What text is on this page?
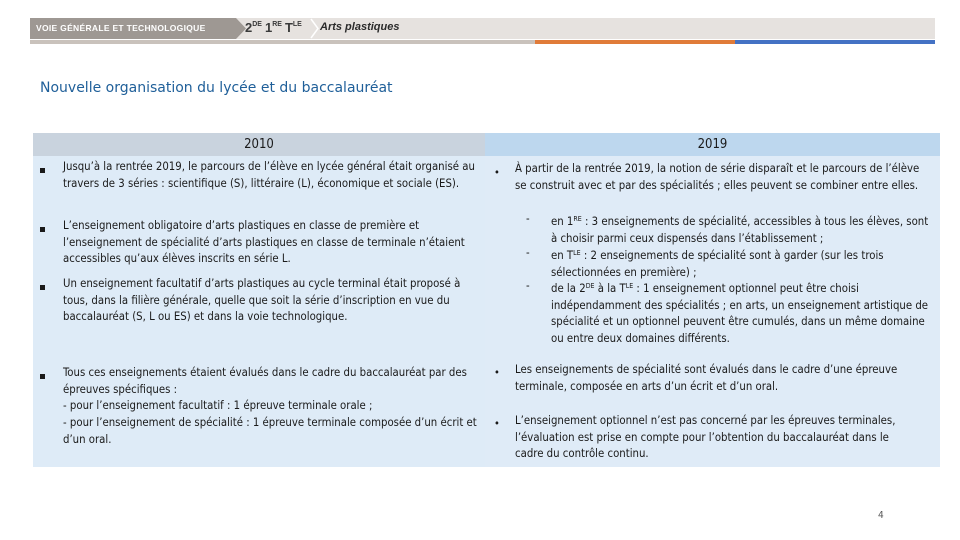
VOIE GÉNÉRALE ET TECHNOLOGIQUE	2DE 1RE $T^{LE}$ Arts plastiques
Nouvelle organisation du lycée et du baccalauréat
2010	2019
Jusqu’à la rentrée 2019, le parcours de l’élève en lycée général était organisé au travers de 3 séries : scientifique (S), littéraire (L), économique et sociale (ES).
L’enseignement obligatoire d’arts plastiques en classe de première et l’enseignement de spécialité d’arts plastiques en classe de terminale n’étaient accessibles qu’aux élèves inscrits en série L.
Un enseignement facultatif d’arts plastiques au cycle terminal était proposé à tous, dans la filière générale, quelle que soit la série d’inscription en vue du baccalauréat (S, L ou ES) et dans la voie technologique.
Tous ces enseignements étaient évalués dans le cadre du baccalauréat par des épreuves spécifiques :
- pour l’enseignement facultatif : 1 épreuve terminale orale ;
- pour l’enseignement de spécialité : 1 épreuve terminale composée d’un écrit et d’un oral.
• À partir de la rentrée 2019, la notion de série disparaît et le parcours de l’élève se construit avec et par des spécialités ; elles peuvent se combiner entre elles.
- en 1RE : 3 enseignements de spécialité, accessibles à tous les élèves, sont à choisir parmi ceux dispensés dans l’établissement ;
- en $T^{LE}$ : 2 enseignements de spécialité sont à garder (sur les trois sélectionnées en première) ;
- de la 2DE à la $T^{LE}$ : 1 enseignement optionnel peut être choisi indépendamment des spécialités ; en arts, un enseignement artistique de spécialité et un optionnel peuvent être cumulés, dans un même domaine ou entre deux domaines différents.
• Les enseignements de spécialité sont évalués dans le cadre d’une épreuve terminale, composée en arts d’un écrit et d’un oral.
• L’enseignement optionnel n’est pas concerné par les épreuves terminales, l’évaluation est prise en compte pour l’obtention du baccalauréat dans le cadre du contrôle continu.
4
